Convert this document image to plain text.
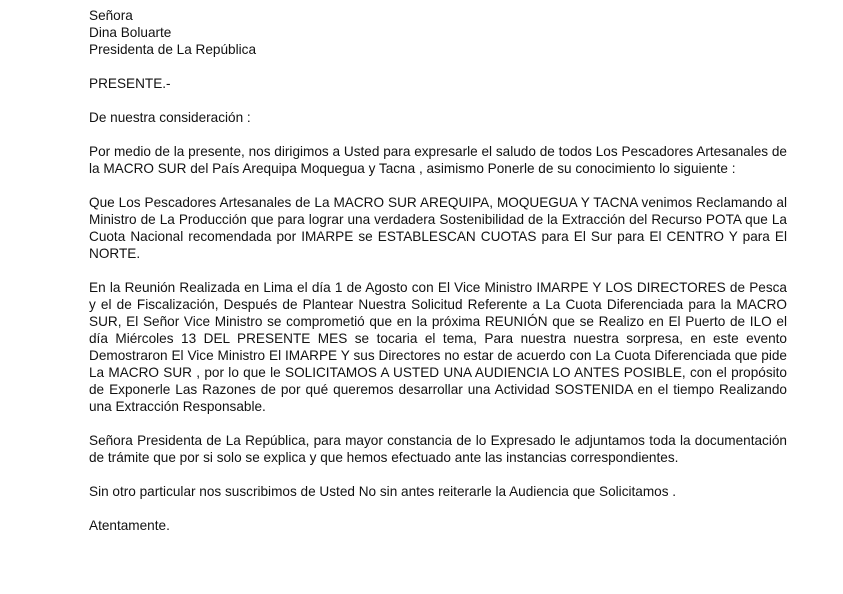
Señora
Dina Boluarte
Presidenta de La República
PRESENTE.-
De nuestra consideración :

Por medio de la presente, nos dirigimos a Usted para expresarle el saludo de todos Los Pescadores Artesanales de la MACRO SUR del País Arequipa Moquegua y Tacna , asimismo Ponerle de su conocimiento lo siguiente :

Que Los Pescadores Artesanales de La MACRO SUR AREQUIPA, MOQUEGUA Y TACNA venimos Reclamando al Ministro de La Producción que para lograr una verdadera Sostenibilidad de la Extracción del Recurso POTA que La Cuota Nacional recomendada por IMARPE se ESTABLESCAN CUOTAS para El Sur para El CENTRO Y para El NORTE.

En la Reunión Realizada en Lima el día 1 de Agosto con El Vice Ministro IMARPE Y LOS DIRECTORES de Pesca y el de Fiscalización, Después de Plantear Nuestra Solicitud Referente a La Cuota Diferenciada para la MACRO SUR, El Señor Vice Ministro se comprometió que en la próxima REUNIÓN que se Realizo en El Puerto de ILO el día Miércoles 13 DEL PRESENTE MES se tocaria el tema, Para nuestra nuestra sorpresa, en este evento Demostraron El Vice Ministro El IMARPE Y sus Directores no estar de acuerdo con La Cuota Diferenciada que pide La MACRO SUR , por lo que le SOLICITAMOS A USTED UNA AUDIENCIA LO ANTES POSIBLE, con el propósito de Exponerle Las Razones de por qué queremos desarrollar una Actividad SOSTENIDA en el tiempo Realizando una Extracción Responsable.

Señora Presidenta de La República, para mayor constancia de lo Expresado le adjuntamos toda la documentación de trámite que por si solo se explica y que hemos efectuado ante las instancias correspondientes.

Sin otro particular nos suscribimos de Usted No sin antes reiterarle la Audiencia que Solicitamos .

Atentamente.
